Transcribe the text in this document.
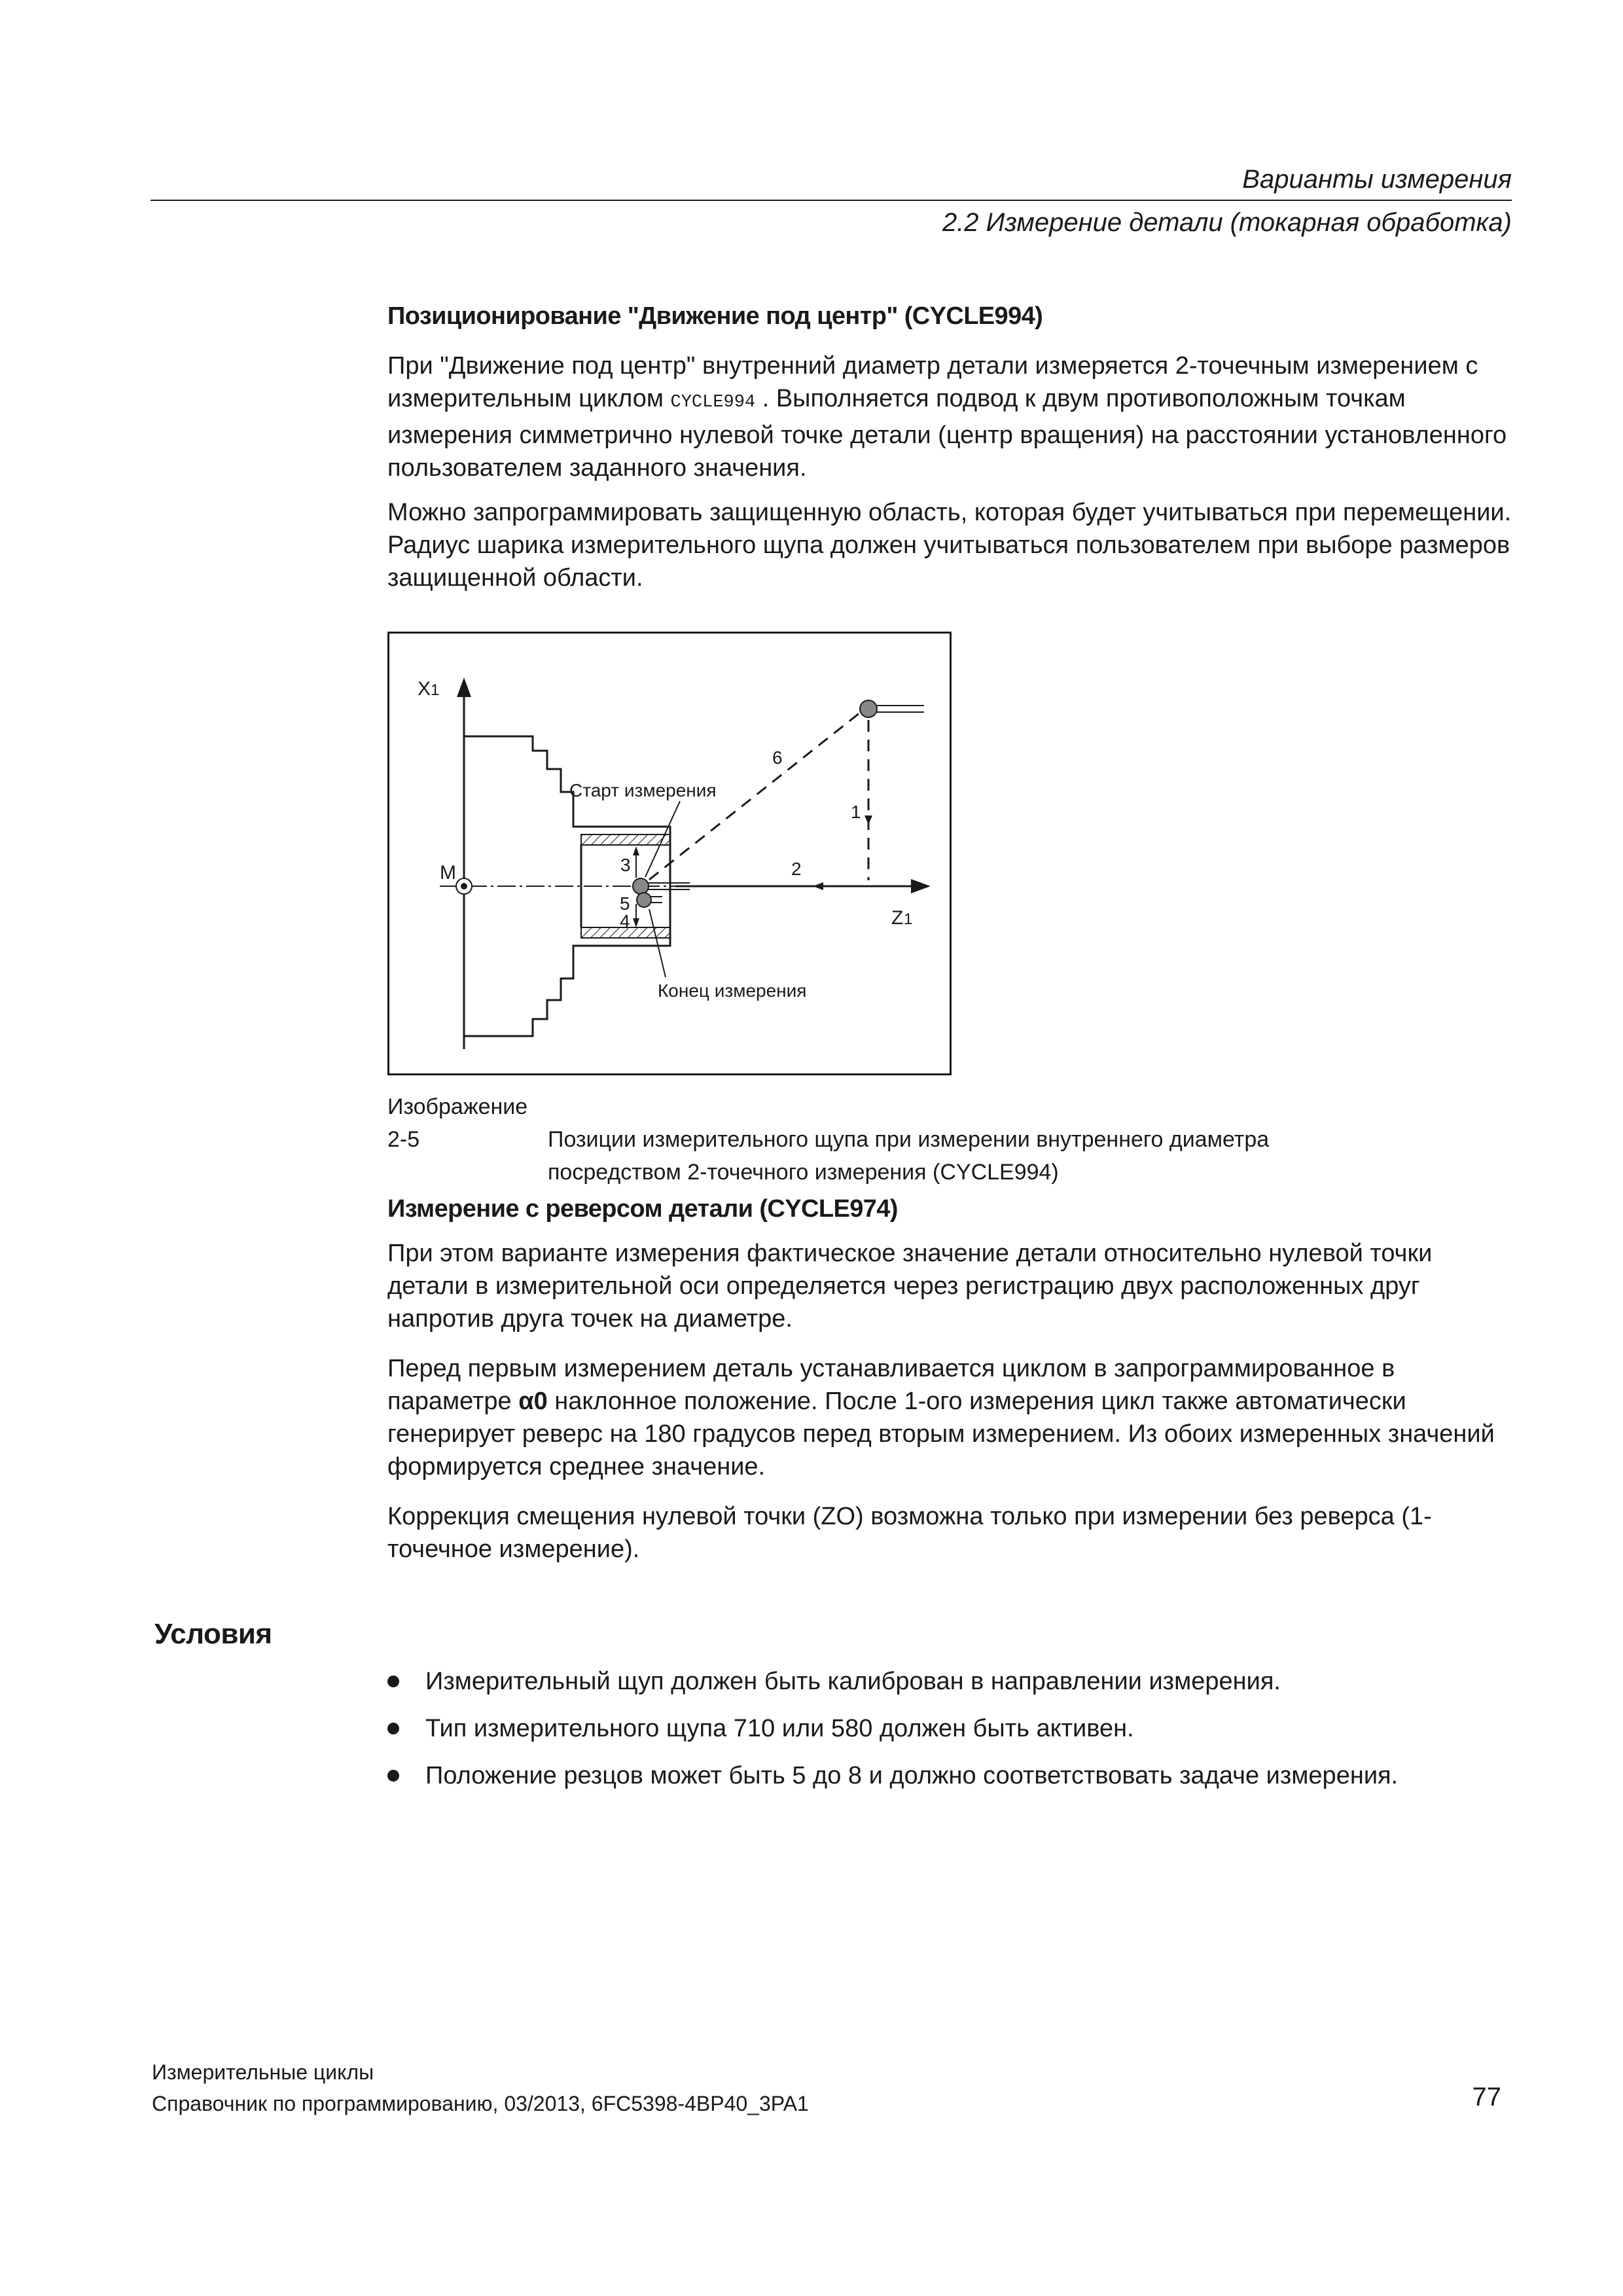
Варианты измерения
2.2 Измерение детали (токарная обработка)
Позиционирование "Движение под центр" (CYCLE994)

При "Движение под центр" внутренний диаметр детали измеряется 2-точечным измерением с измерительным циклом CYCLE994 . Выполняется подвод к двум противоположным точкам измерения симметрично нулевой точке детали (центр вращения) на расстоянии установленного пользователем заданного значения.

Можно запрограммировать защищенную область, которая будет учитываться при перемещении. Радиус шарика измерительного щупа должен учитываться пользователем при выборе размеров защищенной области.

X 1
Z 1
M
1
2
6
3
5
4
Старт измерения
Конец измерения
Изображение 2-5	Позиции измерительного щупа при измерении внутреннего диаметра
посредством 2-точечного измерения (CYCLE994)
Измерение с реверсом детали (CYCLE974)

При этом варианте измерения фактическое значение детали относительно нулевой точки детали в измерительной оси определяется через регистрацию двух расположенных друг напротив друга точек на диаметре.

Перед первым измерением деталь устанавливается циклом в запрограммированное в параметре α0 наклонное положение. После 1-ого измерения цикл также автоматически генерирует реверс на 180 градусов перед вторым измерением. Из обоих измеренных значений формируется среднее значение.

Коррекция смещения нулевой точки (ZO) возможна только при измерении без реверса (1-точечное измерение).

Условия
Измерительный щуп должен быть калиброван в направлении измерения.
Тип измерительного щупа 710 или 580 должен быть активен.
Положение резцов может быть 5 до 8 и должно соответствовать задаче измерения.
Измерительные циклы
Справочник по программированию, 03/2013, 6FC5398-4BP40_3PA1	77
